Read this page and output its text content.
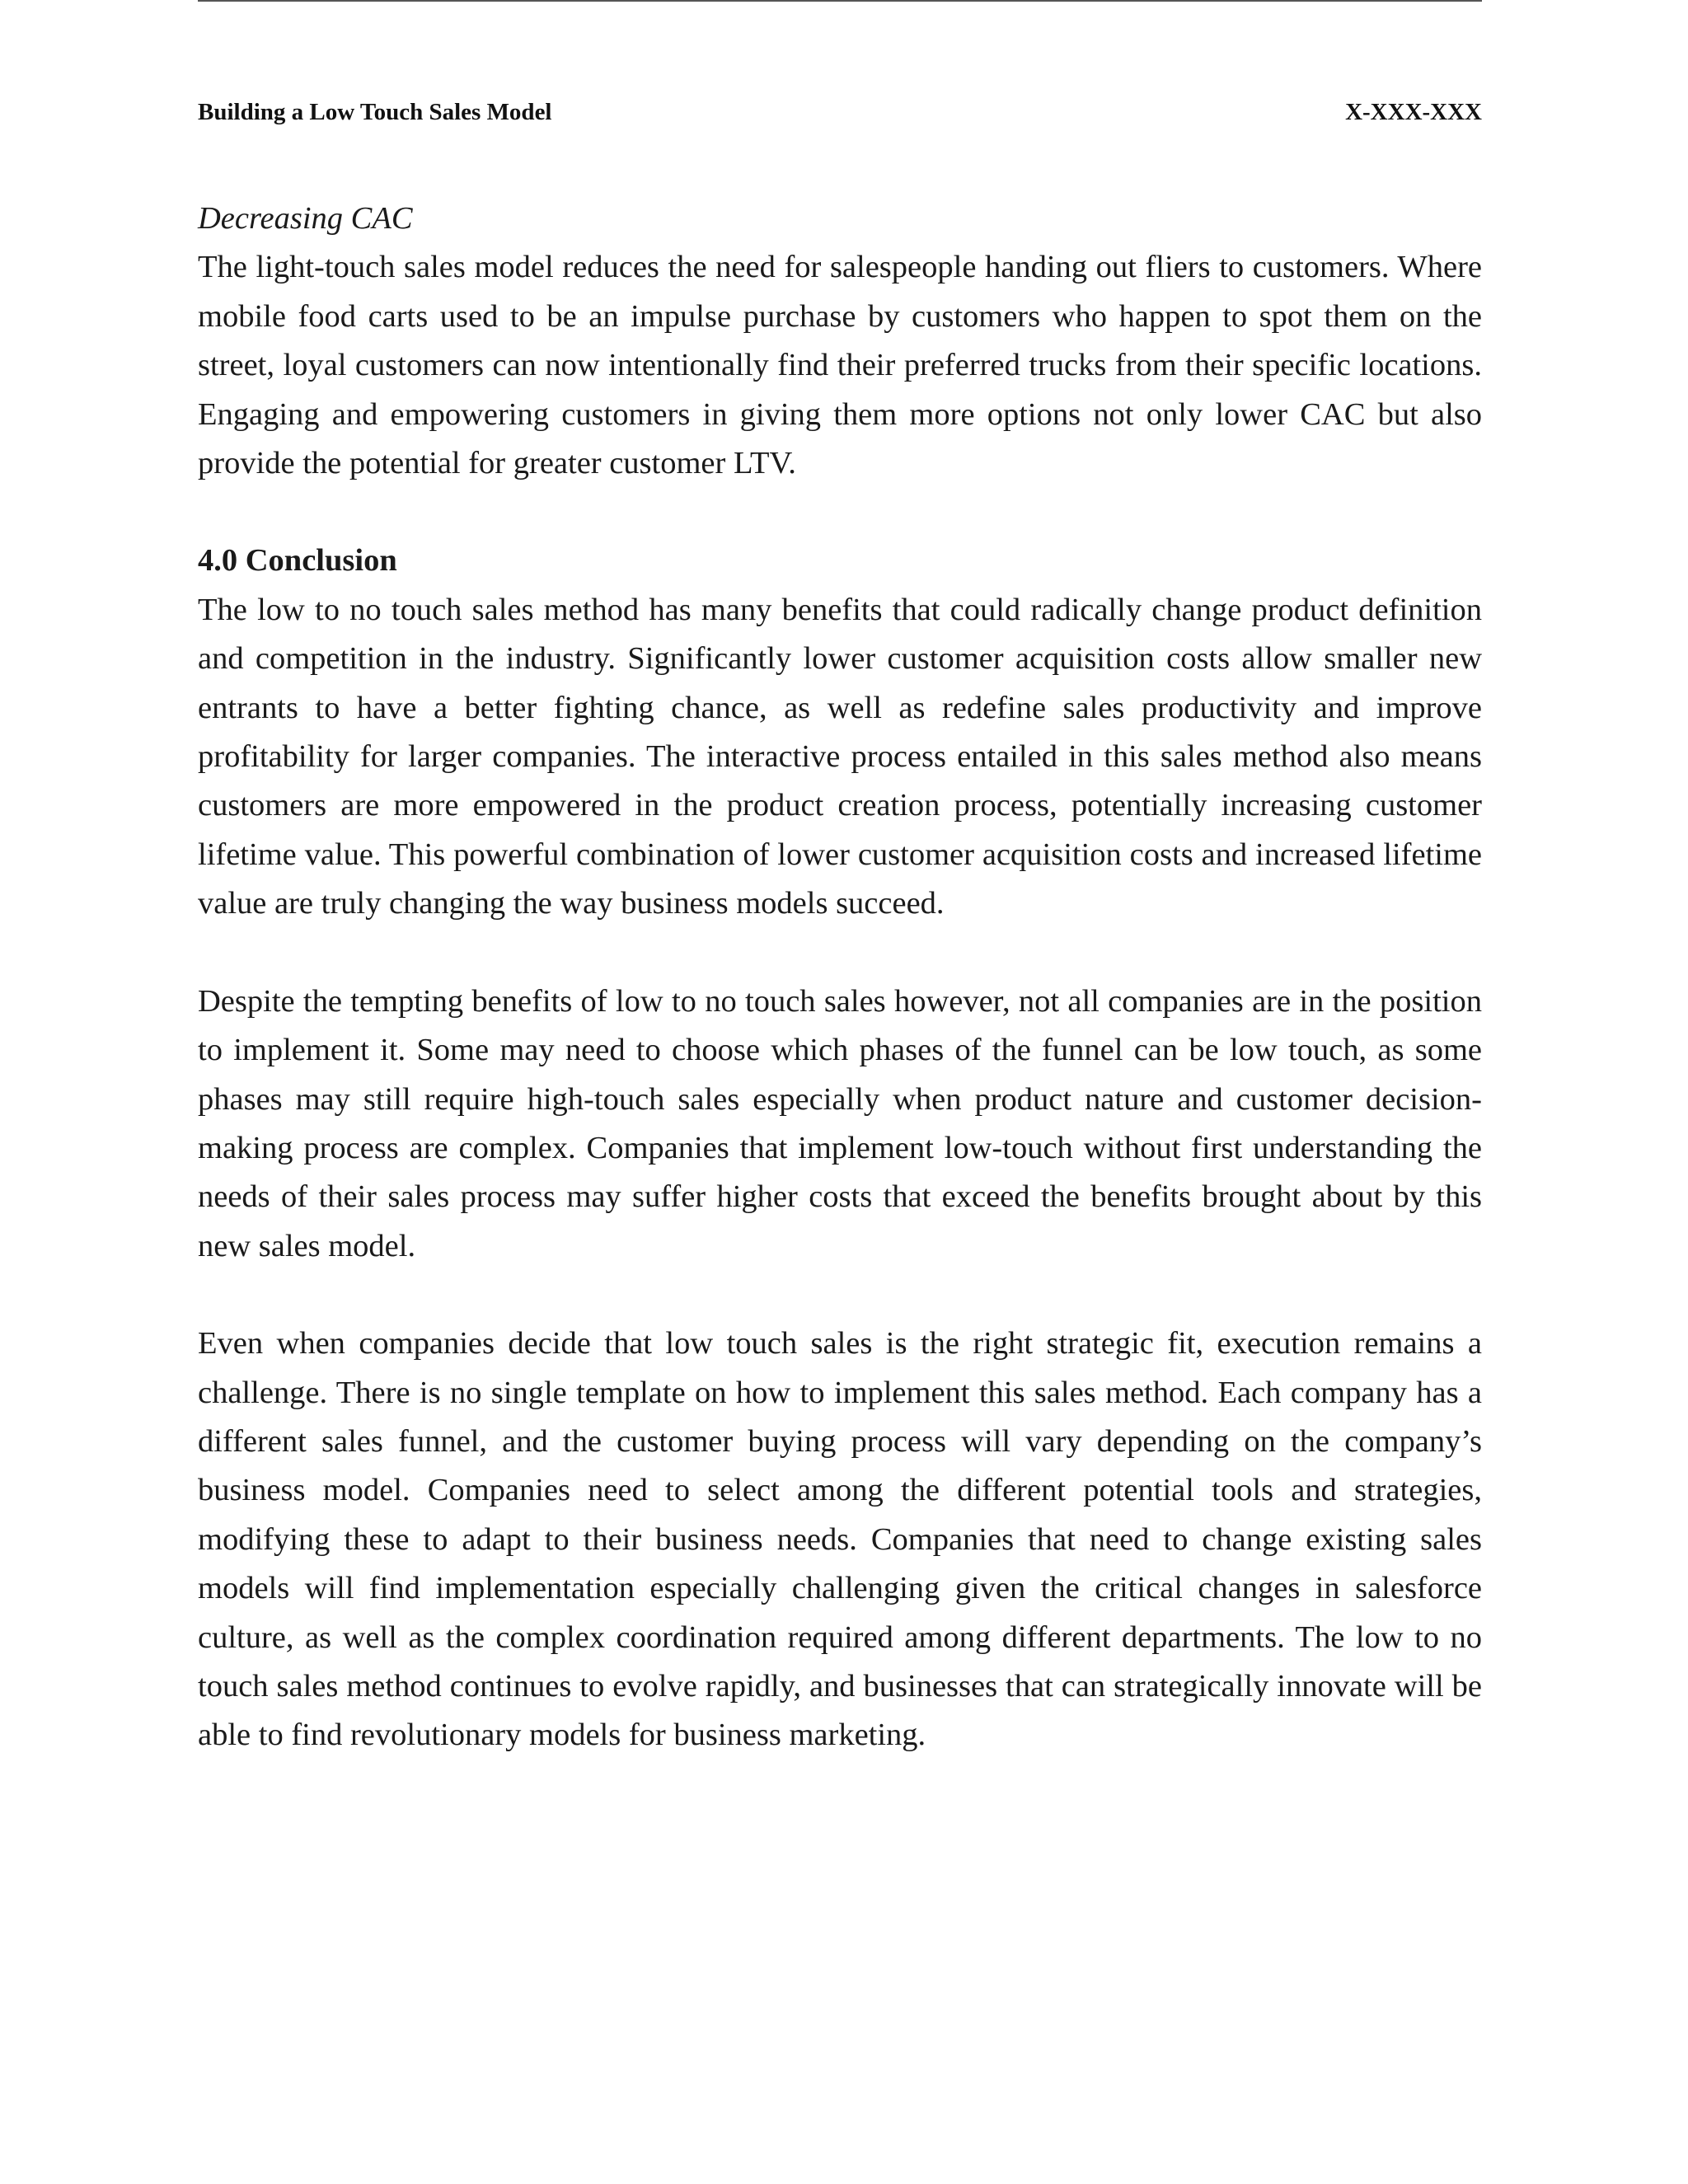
Building a Low Touch Sales Model	X-XXX-XXX
Decreasing CAC

The light-touch sales model reduces the need for salespeople handing out fliers to customers. Where mobile food carts used to be an impulse purchase by customers who happen to spot them on the street, loyal customers can now intentionally find their preferred trucks from their specific locations. Engaging and empowering customers in giving them more options not only lower CAC but also provide the potential for greater customer LTV.

4.0 Conclusion

The low to no touch sales method has many benefits that could radically change product definition and competition in the industry. Significantly lower customer acquisition costs allow smaller new entrants to have a better fighting chance, as well as redefine sales productivity and improve profitability for larger companies. The interactive process entailed in this sales method also means customers are more empowered in the product creation process, potentially increasing customer lifetime value. This powerful combination of lower customer acquisition costs and increased lifetime value are truly changing the way business models succeed.

Despite the tempting benefits of low to no touch sales however, not all companies are in the position to implement it. Some may need to choose which phases of the funnel can be low touch, as some phases may still require high-touch sales especially when product nature and customer decision-making process are complex. Companies that implement low-touch without first understanding the needs of their sales process may suffer higher costs that exceed the benefits brought about by this new sales model.

Even when companies decide that low touch sales is the right strategic fit, execution remains a challenge. There is no single template on how to implement this sales method. Each company has a different sales funnel, and the customer buying process will vary depending on the company’s business model. Companies need to select among the different potential tools and strategies, modifying these to adapt to their business needs. Companies that need to change existing sales models will find implementation especially challenging given the critical changes in salesforce culture, as well as the complex coordination required among different departments. The low to no touch sales method continues to evolve rapidly, and businesses that can strategically innovate will be able to find revolutionary models for business marketing.
